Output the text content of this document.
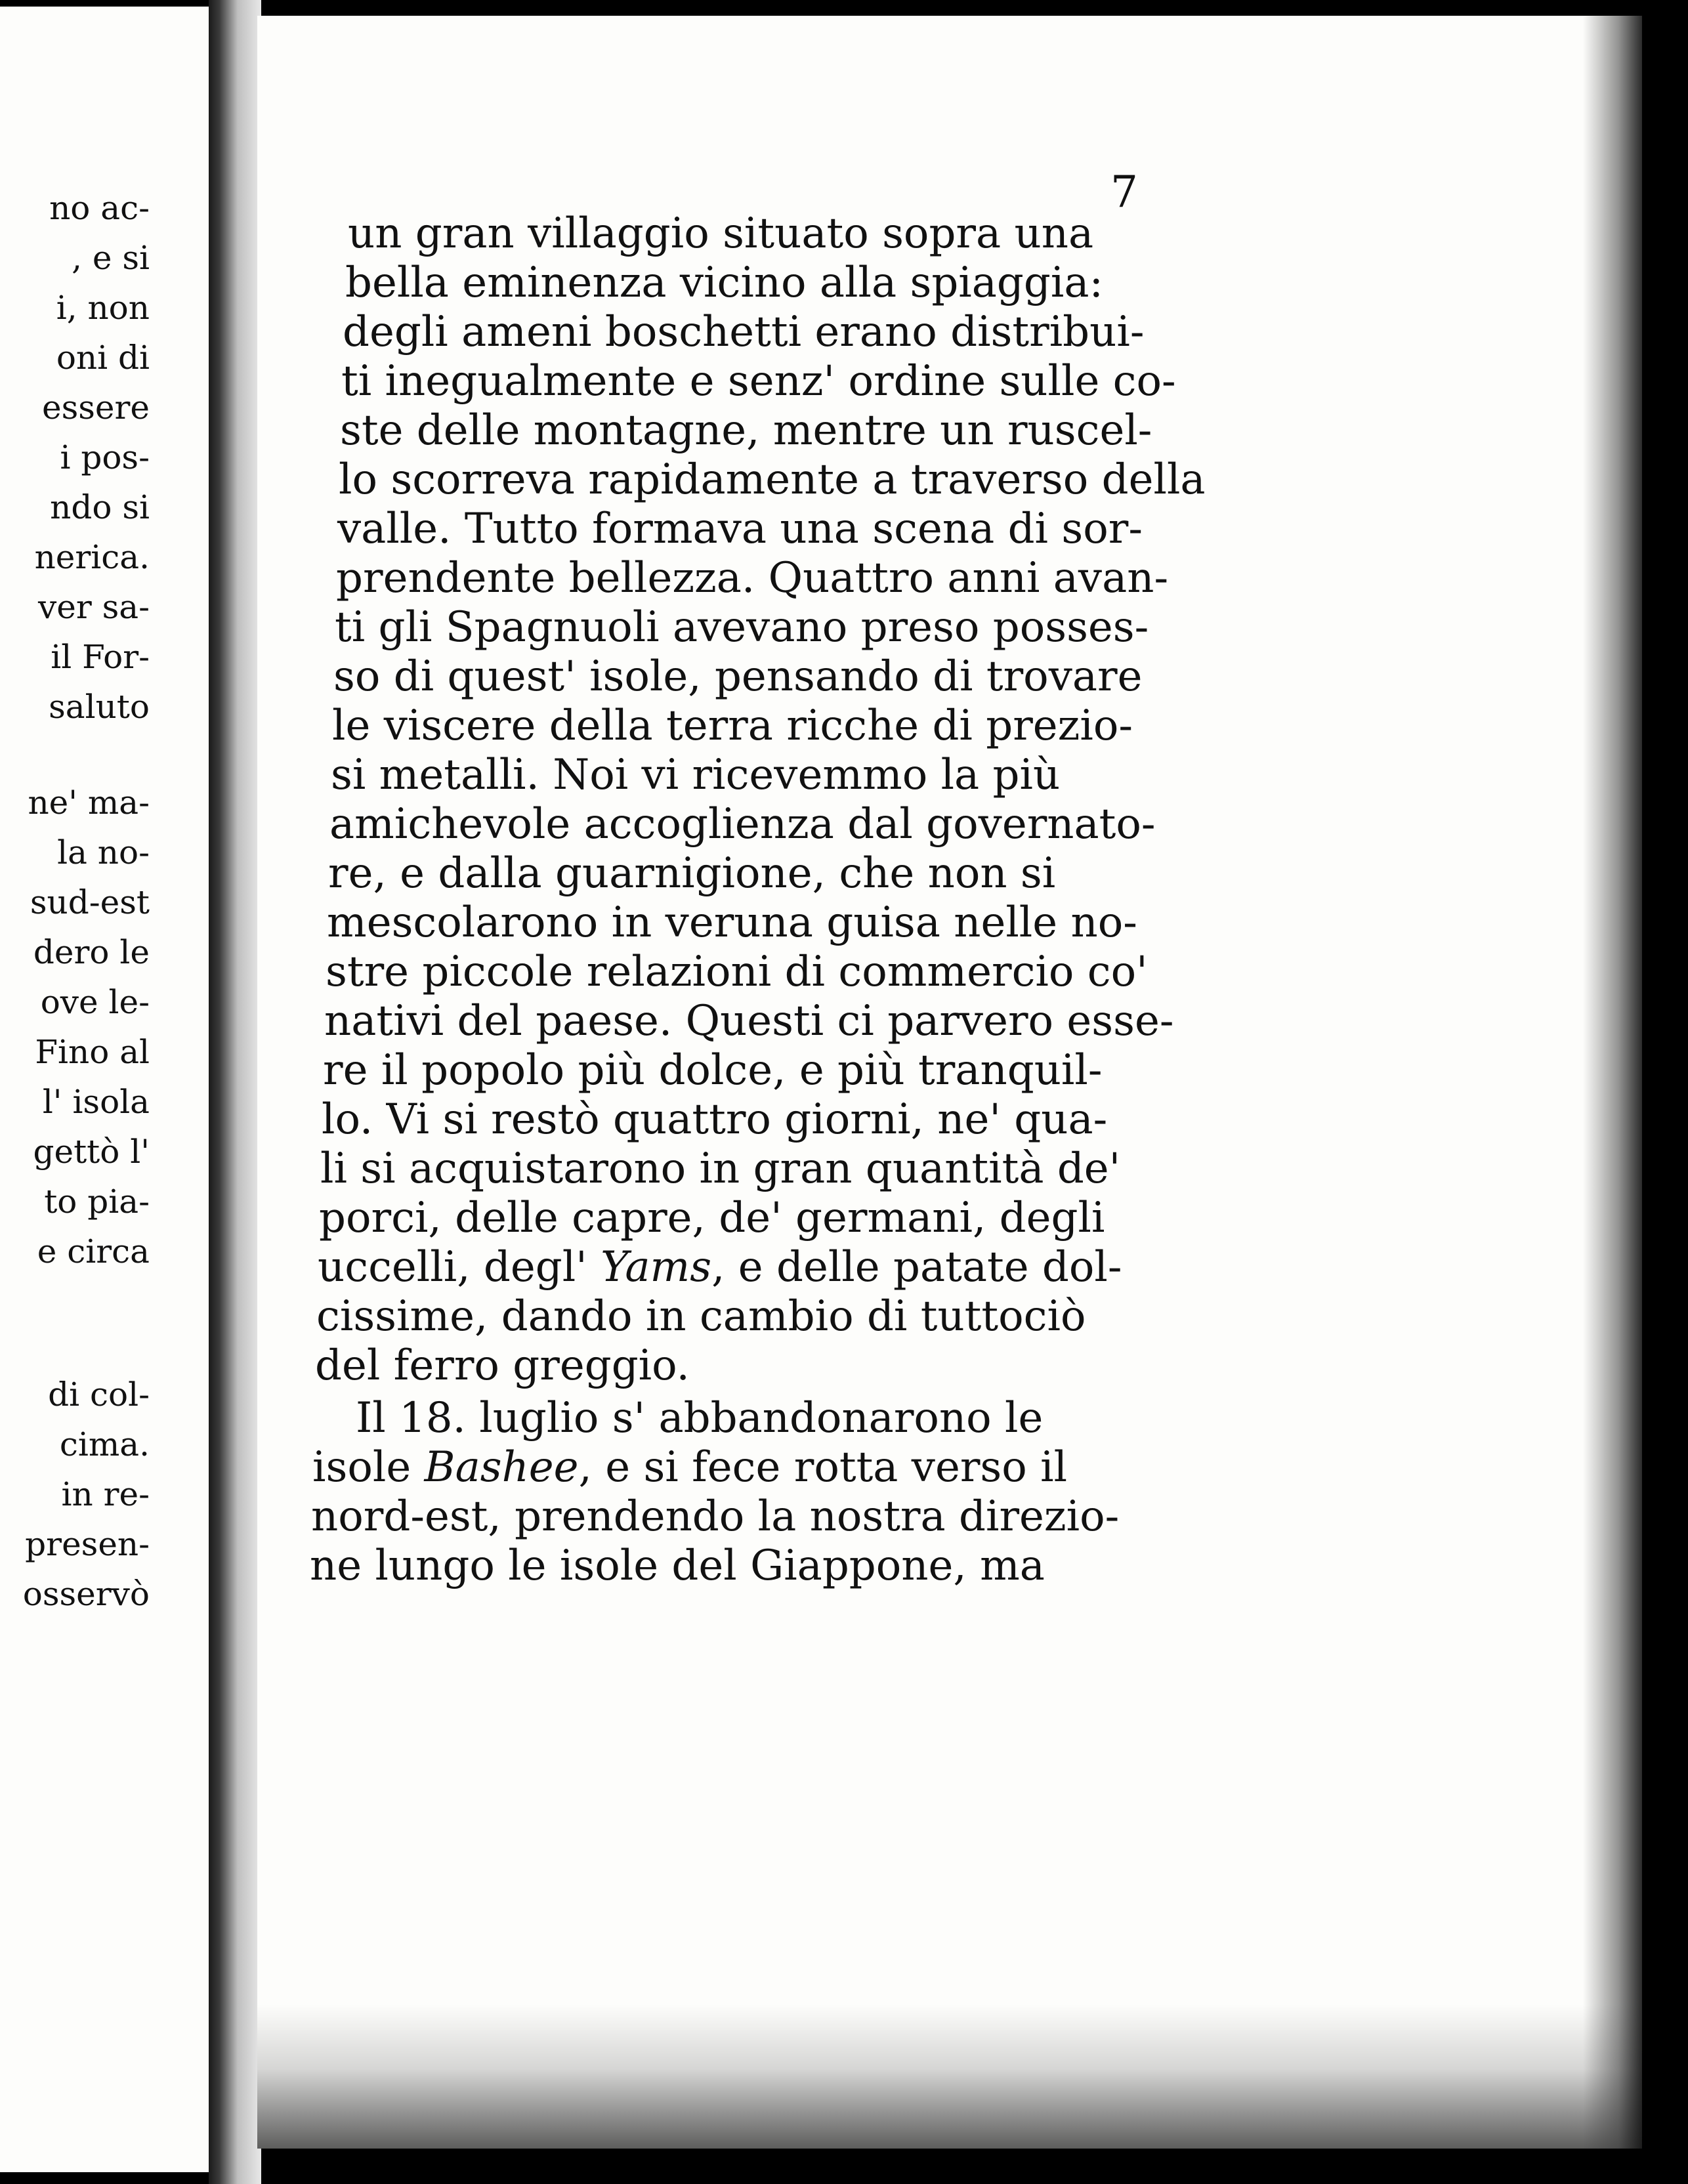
no ac-
, e si
i, non
oni di
essere
i pos-
ndo si
nerica.
ver sa-
il For-
saluto
ne' ma-
la no-
sud-est
dero le
ove le-
Fino al
l' isola
gettò l'
to pia-
e circa
di col-
cima.
in re-
presen-
osservò
7
un gran villaggio situato sopra una
bella eminenza vicino alla spiaggia:
degli ameni boschetti erano distribui-
ti inegualmente e senz' ordine sulle co-
ste delle montagne, mentre un ruscel-
lo scorreva rapidamente a traverso della
valle. Tutto formava una scena di sor-
prendente bellezza. Quattro anni avan-
ti gli Spagnuoli avevano preso posses-
so di quest' isole, pensando di trovare
le viscere della terra ricche di prezio-
si metalli. Noi vi ricevemmo la più
amichevole accoglienza dal governato-
re, e dalla guarnigione, che non si
mescolarono in veruna guisa nelle no-
stre piccole relazioni di commercio co'
nativi del paese. Questi ci parvero esse-
re il popolo più dolce, e più tranquil-
lo. Vi si restò quattro giorni, ne' qua-
li si acquistarono in gran quantità de'
porci, delle capre, de' germani, degli
uccelli, degl' Yams, e delle patate dol-
cissime, dando in cambio di tuttociò
del ferro greggio.
Il 18. luglio s' abbandonarono le
isole Bashee, e si fece rotta verso il
nord-est, prendendo la nostra direzio-
ne lungo le isole del Giappone, ma
